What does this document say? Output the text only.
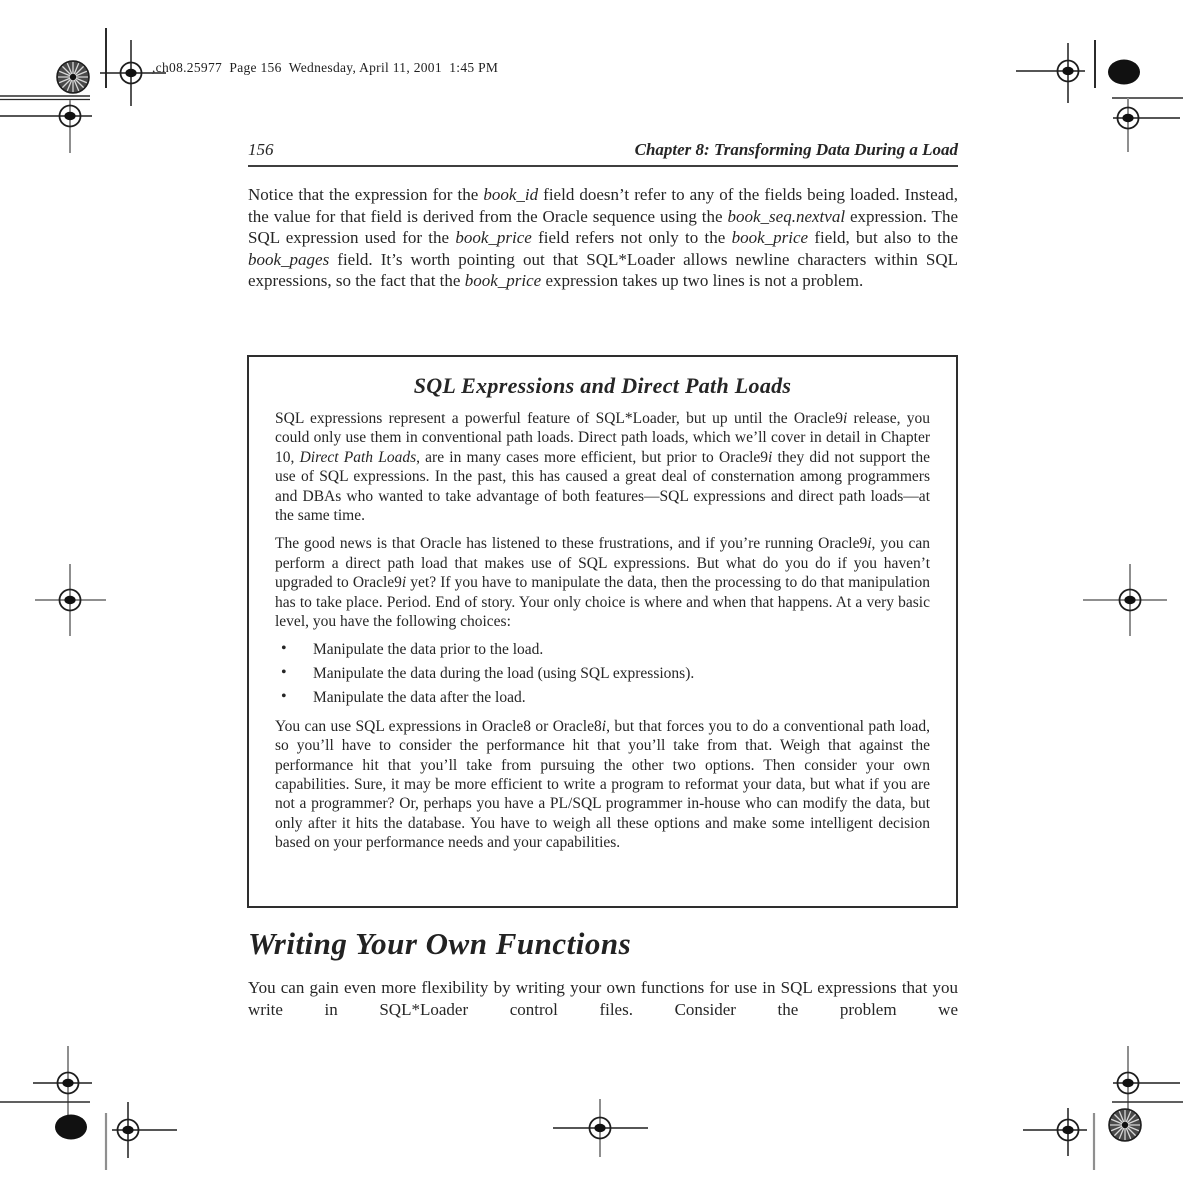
,ch08.25977  Page 156  Wednesday, April 11, 2001  1:45 PM
156	Chapter 8: Transforming Data During a Load

Notice that the expression for the book_id field doesn’t refer to any of the fields being loaded. Instead, the value for that field is derived from the Oracle sequence using the book_seq.nextval expression. The SQL expression used for the book_price field refers not only to the book_price field, but also to the book_pages field. It’s worth pointing out that SQL*Loader allows newline characters within SQL expressions, so the fact that the book_price expression takes up two lines is not a problem.

SQL Expressions and Direct Path Loads

SQL expressions represent a powerful feature of SQL*Loader, but up until the Oracle9i release, you could only use them in conventional path loads. Direct path loads, which we’ll cover in detail in Chapter 10, Direct Path Loads, are in many cases more efficient, but prior to Oracle9i they did not support the use of SQL expressions. In the past, this has caused a great deal of consternation among programmers and DBAs who wanted to take advantage of both features—SQL expressions and direct path loads—at the same time.

The good news is that Oracle has listened to these frustrations, and if you’re running Oracle9i, you can perform a direct path load that makes use of SQL expressions. But what do you do if you haven’t upgraded to Oracle9i yet? If you have to manipulate the data, then the processing to do that manipulation has to take place. Period. End of story. Your only choice is where and when that happens. At a very basic level, you have the following choices:

• Manipulate the data prior to the load.
• Manipulate the data during the load (using SQL expressions).
• Manipulate the data after the load.

You can use SQL expressions in Oracle8 or Oracle8i, but that forces you to do a conventional path load, so you’ll have to consider the performance hit that you’ll take from that. Weigh that against the performance hit that you’ll take from pursuing the other two options. Then consider your own capabilities. Sure, it may be more efficient to write a program to reformat your data, but what if you are not a programmer? Or, perhaps you have a PL/SQL programmer in-house who can modify the data, but only after it hits the database. You have to weigh all these options and make some intelligent decision based on your performance needs and your capabilities.

Writing Your Own Functions

You can gain even more flexibility by writing your own functions for use in SQL expressions that you write in SQL*Loader control files. Consider the problem we
